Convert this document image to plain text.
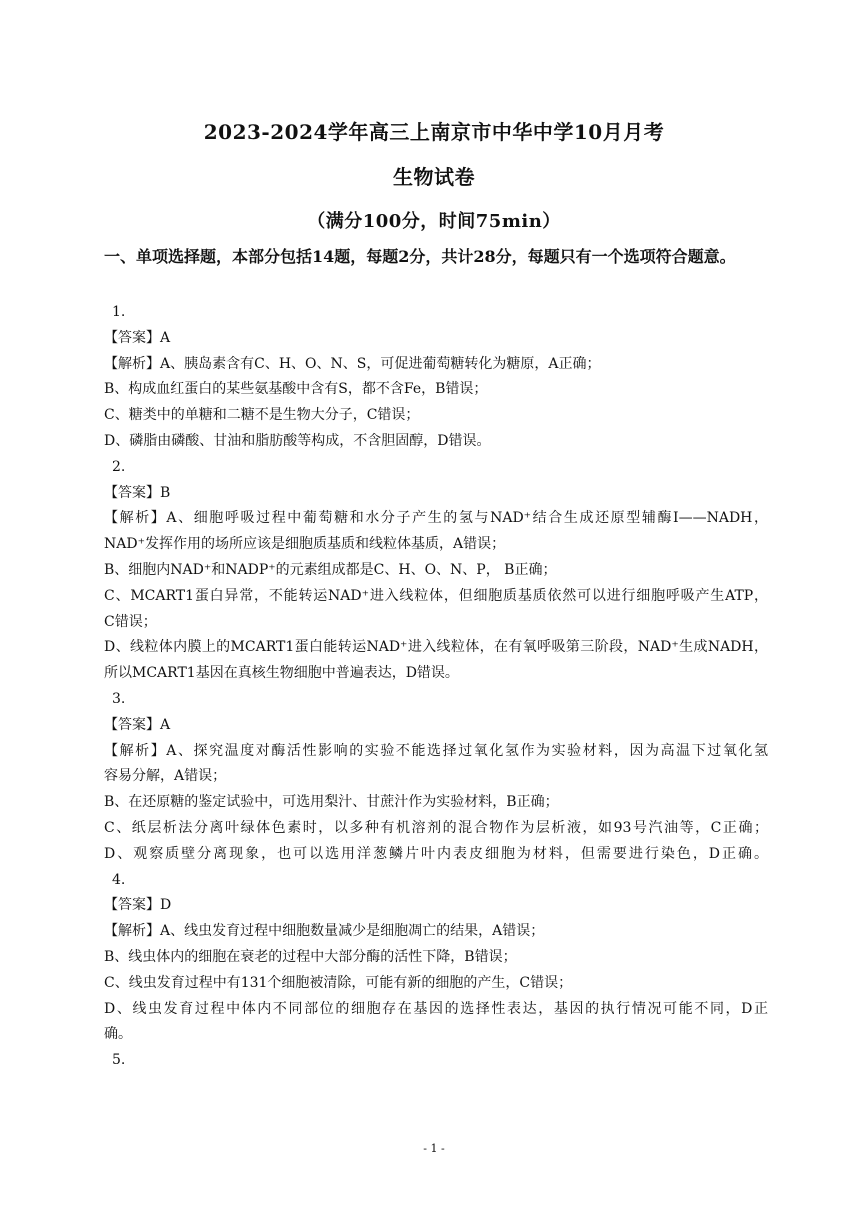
2023-2024学年高三上南京市中华中学10月月考
生物试卷
（满分100分，时间75min）
一、单项选择题，本部分包括14题，每题2分，共计28分，每题只有一个选项符合题意。
1.
【答案】A
【解析】A、胰岛素含有C、H、O、N、S，可促进葡萄糖转化为糖原，A正确；
B、构成血红蛋白的某些氨基酸中含有S，都不含Fe，B错误；
C、糖类中的单糖和二糖不是生物大分子，C错误；
D、磷脂由磷酸、甘油和脂肪酸等构成，不含胆固醇，D错误。
2.
【答案】B
【解析】A、细胞呼吸过程中葡萄糖和水分子产生的氢与NAD⁺结合生成还原型辅酶I——NADH，
NAD⁺发挥作用的场所应该是细胞质基质和线粒体基质，A错误；
B、细胞内NAD⁺和NADP⁺的元素组成都是C、H、O、N、P， B正确；
C、MCART1蛋白异常，不能转运NAD⁺进入线粒体，但细胞质基质依然可以进行细胞呼吸产生ATP，
C错误；
D、线粒体内膜上的MCART1蛋白能转运NAD⁺进入线粒体，在有氧呼吸第三阶段，NAD⁺生成NADH，
所以MCART1基因在真核生物细胞中普遍表达，D错误。
3.
【答案】A
【解析】A、探究温度对酶活性影响的实验不能选择过氧化氢作为实验材料，因为高温下过氧化氢
容易分解，A错误；
B、在还原糖的鉴定试验中，可选用梨汁、甘蔗汁作为实验材料，B正确；
C、纸层析法分离叶绿体色素时，以多种有机溶剂的混合物作为层析液，如93号汽油等，C正确；
D、观察质壁分离现象，也可以选用洋葱鳞片叶内表皮细胞为材料，但需要进行染色，D正确。
4.
【答案】D
【解析】A、线虫发育过程中细胞数量减少是细胞凋亡的结果，A错误；
B、线虫体内的细胞在衰老的过程中大部分酶的活性下降，B错误；
C、线虫发育过程中有131个细胞被清除，可能有新的细胞的产生，C错误；
D、线虫发育过程中体内不同部位的细胞存在基因的选择性表达，基因的执行情况可能不同，D正
确。
5.
- 1 -
